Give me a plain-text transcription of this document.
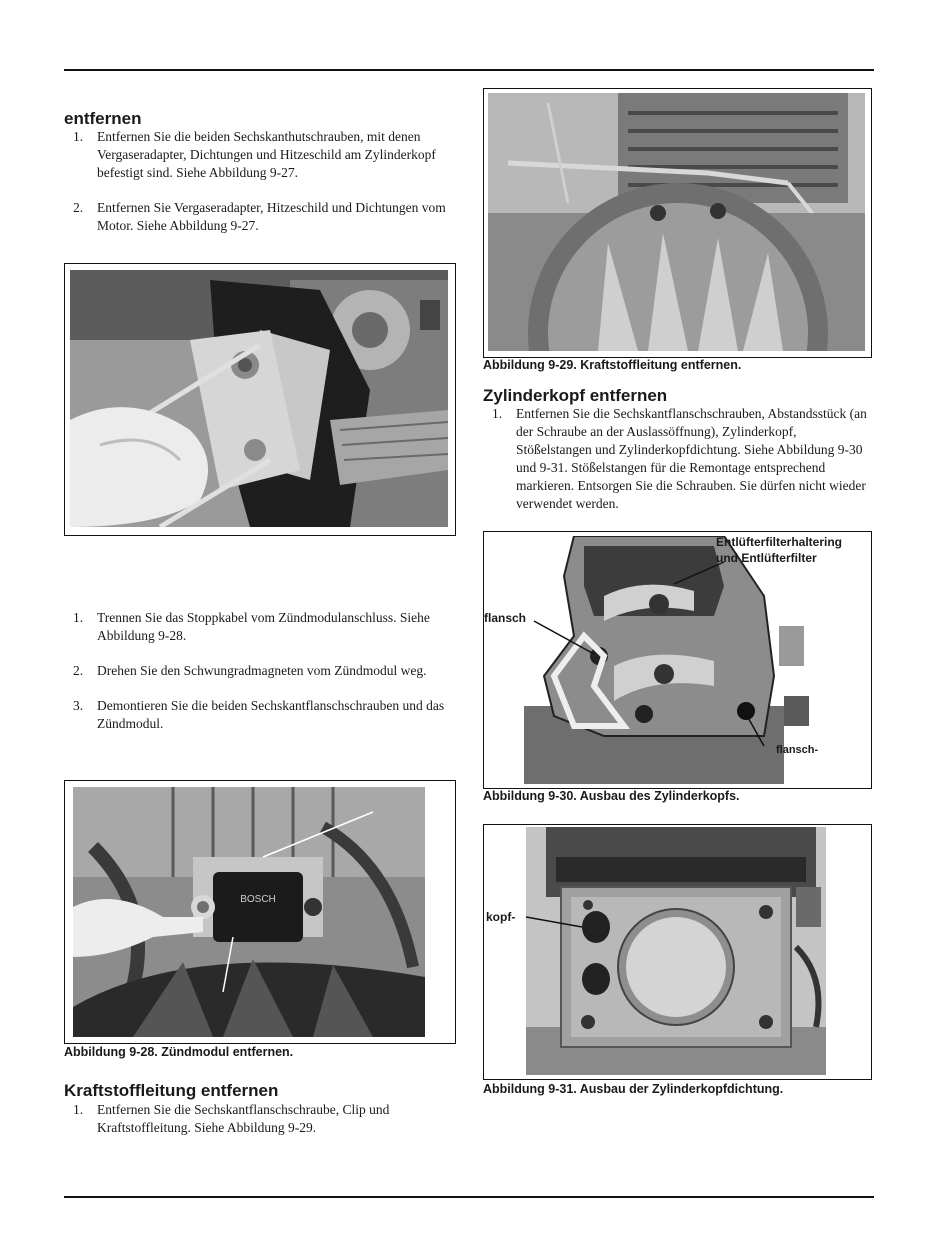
entfernen
1. Entfernen Sie die beiden Sechskanthutschrauben, mit denen Vergaseradapter, Dichtungen und Hitzeschild am Zylinderkopf befestigt sind. Siehe Abbildung 9-27.
2. Entfernen Sie Vergaseradapter, Hitzeschild und Dichtungen vom Motor. Siehe Abbildung 9-27.
1. Trennen Sie das Stoppkabel vom Zündmodulanschluss. Siehe Abbildung 9-28.
2. Drehen Sie den Schwungradmagneten vom Zündmodul weg.
3. Demontieren Sie die beiden Sechskantflanschschrauben und das Zündmodul.
BOSCH

Abbildung 9-28. Zündmodul entfernen.

Kraftstoffleitung entfernen
1. Entfernen Sie die Sechskantflanschschraube, Clip und Kraftstoffleitung. Siehe Abbildung 9-29.

Abbildung 9-29. Kraftstoffleitung entfernen.

Zylinderkopf entfernen
1. Entfernen Sie die Sechskantflanschschrauben, Abstandsstück (an der Schraube an der Auslassöffnung), Zylinderkopf, Stößelstangen und Zylinderkopfdichtung. Siehe Abbildung 9-30 und 9-31. Stößelstangen für die Remontage entsprechend markieren. Entsorgen Sie die Schrauben. Sie dürfen nicht wieder verwendet werden.
Entlüfterfilterhaltering
und Entlüfterfilter
flansch
flansch-

Abbildung 9-30. Ausbau des Zylinderkopfs.

kopf-

Abbildung 9-31. Ausbau der Zylinderkopfdichtung.
